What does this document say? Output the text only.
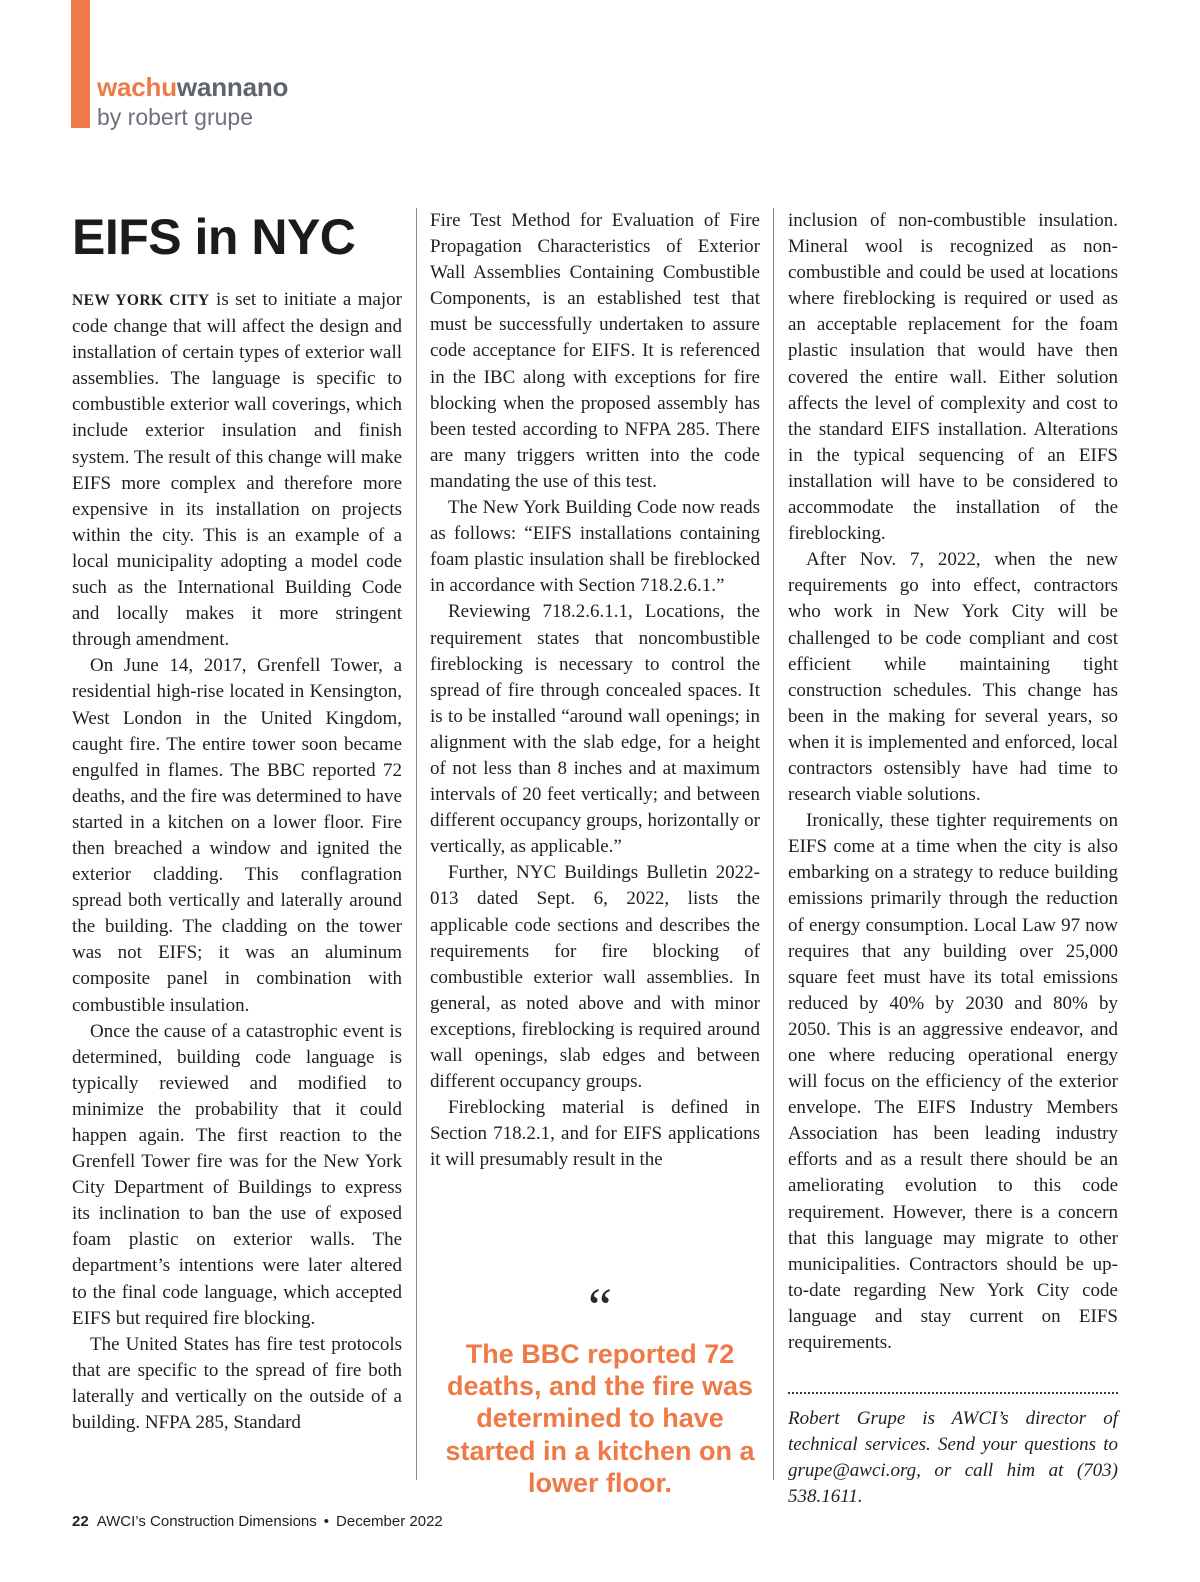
wachuwannano
by robert grupe
EIFS in NYC

NEW YORK CITY is set to initiate a major code change that will affect the design and installation of certain types of exterior wall assemblies. The language is specific to combustible exterior wall coverings, which include exterior insulation and finish system. The result of this change will make EIFS more complex and therefore more expensive in its installation on projects within the city. This is an example of a local municipality adopting a model code such as the International Building Code and locally makes it more stringent through amendment.

On June 14, 2017, Grenfell Tower, a residential high-rise located in Kensington, West London in the United Kingdom, caught fire. The entire tower soon became engulfed in flames. The BBC reported 72 deaths, and the fire was determined to have started in a kitchen on a lower floor. Fire then breached a window and ignited the exterior cladding. This conflagration spread both vertically and laterally around the building. The cladding on the tower was not EIFS; it was an aluminum composite panel in combination with combustible insulation.

Once the cause of a catastrophic event is determined, building code language is typically reviewed and modified to minimize the probability that it could happen again. The first reaction to the Grenfell Tower fire was for the New York City Department of Buildings to express its inclination to ban the use of exposed foam plastic on exterior walls. The department’s intentions were later altered to the final code language, which accepted EIFS but required fire blocking.

The United States has fire test protocols that are specific to the spread of fire both laterally and vertically on the outside of a building. NFPA 285, Standard

Fire Test Method for Evaluation of Fire Propagation Characteristics of Exterior Wall Assemblies Containing Combustible Components, is an established test that must be successfully undertaken to assure code acceptance for EIFS. It is referenced in the IBC along with exceptions for fire blocking when the proposed assembly has been tested according to NFPA 285. There are many triggers written into the code mandating the use of this test.

The New York Building Code now reads as follows: “EIFS installations containing foam plastic insulation shall be fireblocked in accordance with Section 718.2.6.1.”

Reviewing 718.2.6.1.1, Locations, the requirement states that noncombustible fireblocking is necessary to control the spread of fire through concealed spaces. It is to be installed “around wall openings; in alignment with the slab edge, for a height of not less than 8 inches and at maximum intervals of 20 feet vertically; and between different occupancy groups, horizontally or vertically, as applicable.”

Further, NYC Buildings Bulletin 2022-013 dated Sept. 6, 2022, lists the applicable code sections and describes the requirements for fire blocking of combustible exterior wall assemblies. In general, as noted above and with minor exceptions, fireblocking is required around wall openings, slab edges and between different occupancy groups.

Fireblocking material is defined in Section 718.2.1, and for EIFS applications it will presumably result in the

“
The BBC reported 72 deaths, and the fire was determined to have started in a kitchen on a lower floor.

inclusion of non-combustible insulation. Mineral wool is recognized as non-combustible and could be used at locations where fireblocking is required or used as an acceptable replacement for the foam plastic insulation that would have then covered the entire wall. Either solution affects the level of complexity and cost to the standard EIFS installation. Alterations in the typical sequencing of an EIFS installation will have to be considered to accommodate the installation of the fireblocking.

After Nov. 7, 2022, when the new requirements go into effect, contractors who work in New York City will be challenged to be code compliant and cost efficient while maintaining tight construction schedules. This change has been in the making for several years, so when it is implemented and enforced, local contractors ostensibly have had time to research viable solutions.

Ironically, these tighter requirements on EIFS come at a time when the city is also embarking on a strategy to reduce building emissions primarily through the reduction of energy consumption. Local Law 97 now requires that any building over 25,000 square feet must have its total emissions reduced by 40% by 2030 and 80% by 2050. This is an aggressive endeavor, and one where reducing operational energy will focus on the efficiency of the exterior envelope. The EIFS Industry Members Association has been leading industry efforts and as a result there should be an ameliorating evolution to this code requirement. However, there is a concern that this language may migrate to other municipalities. Contractors should be up-to-date regarding New York City code language and stay current on EIFS requirements.

Robert Grupe is AWCI’s director of technical services. Send your questions to grupe@awci.org, or call him at (703) 538.1611.

22 AWCI’s Construction Dimensions • December 2022
